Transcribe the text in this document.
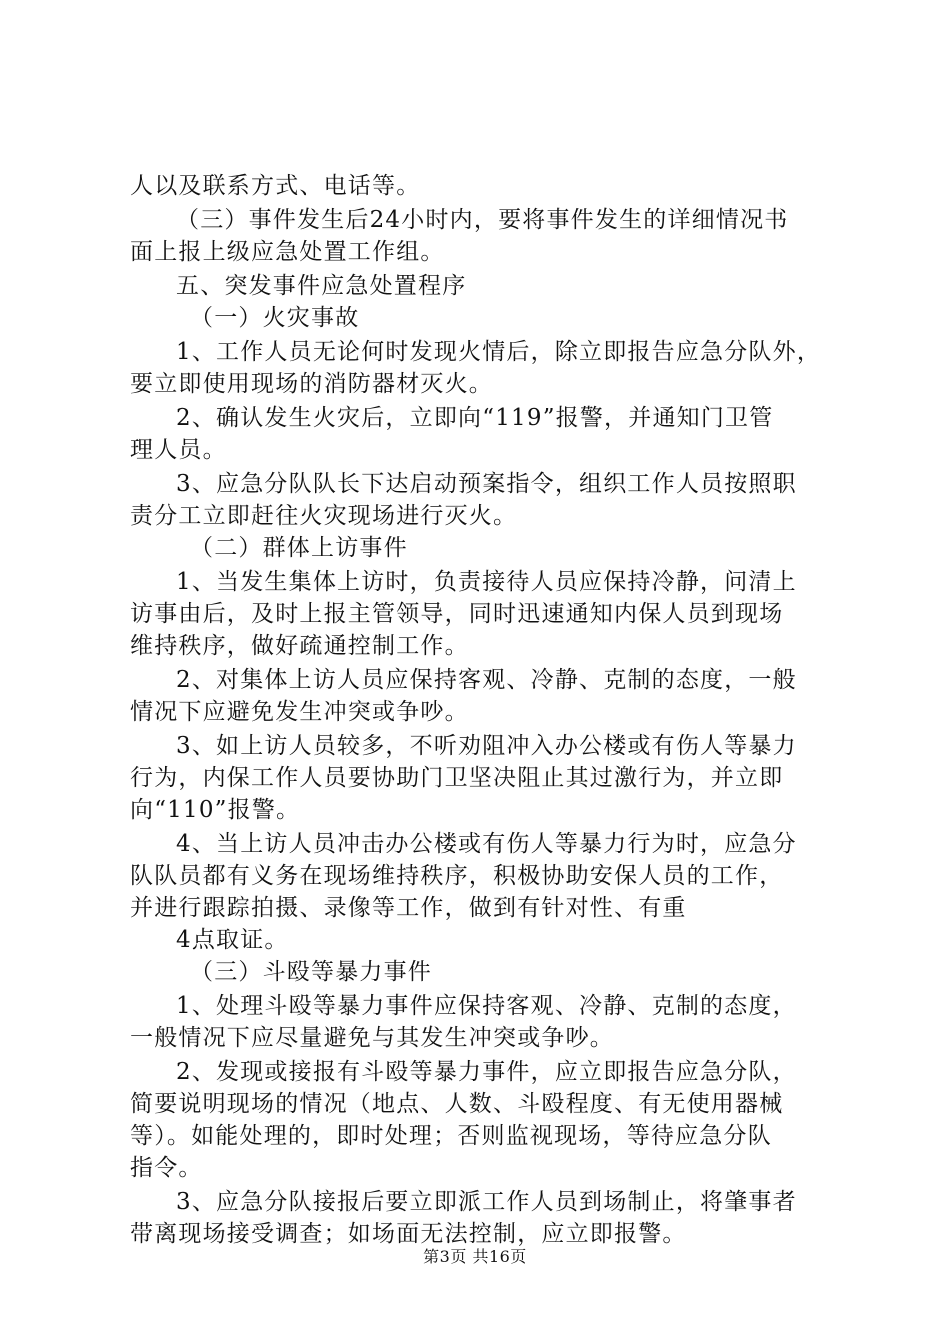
人以及联系方式、电话等。
（三）事件发生后24小时内，要将事件发生的详细情况书
面上报上级应急处置工作组。
五、突发事件应急处置程序
（一）火灾事故
1、工作人员无论何时发现火情后，除立即报告应急分队外，
要立即使用现场的消防器材灭火。
2、确认发生火灾后，立即向“119”报警，并通知门卫管
理人员。
3、应急分队队长下达启动预案指令，组织工作人员按照职
责分工立即赶往火灾现场进行灭火。
（二）群体上访事件
1、当发生集体上访时，负责接待人员应保持冷静，问清上
访事由后，及时上报主管领导，同时迅速通知内保人员到现场
维持秩序，做好疏通控制工作。
2、对集体上访人员应保持客观、冷静、克制的态度，一般
情况下应避免发生冲突或争吵。
3、如上访人员较多，不听劝阻冲入办公楼或有伤人等暴力
行为，内保工作人员要协助门卫坚决阻止其过激行为，并立即
向“110”报警。
4、当上访人员冲击办公楼或有伤人等暴力行为时，应急分
队队员都有义务在现场维持秩序，积极协助安保人员的工作，
并进行跟踪拍摄、录像等工作，做到有针对性、有重
4点取证。
（三）斗殴等暴力事件
1、处理斗殴等暴力事件应保持客观、冷静、克制的态度，
一般情况下应尽量避免与其发生冲突或争吵。
2、发现或接报有斗殴等暴力事件，应立即报告应急分队，
简要说明现场的情况（地点、人数、斗殴程度、有无使用器械
等）。如能处理的，即时处理；否则监视现场，等待应急分队
指令。
3、应急分队接报后要立即派工作人员到场制止，将肇事者
带离现场接受调查；如场面无法控制，应立即报警。
第3页 共16页
